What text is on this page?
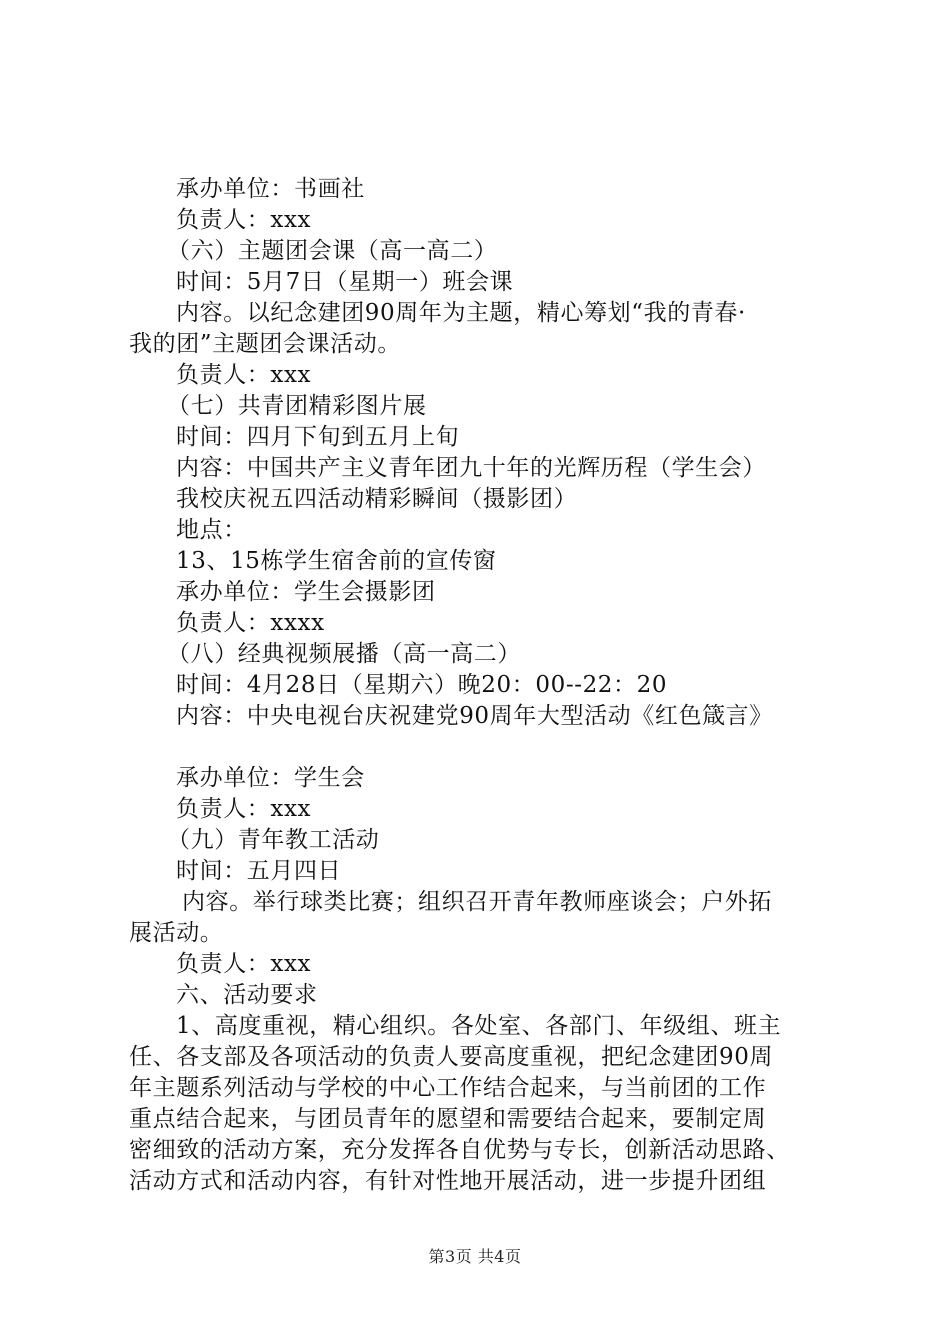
承办单位：书画社
负责人：xxx
（六）主题团会课（高一高二）
时间：5月7日（星期一）班会课
内容。以纪念建团90周年为主题，精心筹划“我的青春·
我的团”主题团会课活动。
负责人：xxx
（七）共青团精彩图片展
时间：四月下旬到五月上旬
内容：中国共产主义青年团九十年的光辉历程（学生会）
我校庆祝五四活动精彩瞬间（摄影团）
地点：
13、15栋学生宿舍前的宣传窗
承办单位：学生会摄影团
负责人：xxxx
（八）经典视频展播（高一高二）
时间：4月28日（星期六）晚20：00--22：20
内容：中央电视台庆祝建党90周年大型活动《红色箴言》
承办单位：学生会
负责人：xxx
（九）青年教工活动
时间：五月四日
内容。举行球类比赛；组织召开青年教师座谈会；户外拓
展活动。
负责人：xxx
六、活动要求
1、高度重视，精心组织。各处室、各部门、年级组、班主
任、各支部及各项活动的负责人要高度重视，把纪念建团90周
年主题系列活动与学校的中心工作结合起来，与当前团的工作
重点结合起来，与团员青年的愿望和需要结合起来，要制定周
密细致的活动方案，充分发挥各自优势与专长，创新活动思路、
活动方式和活动内容，有针对性地开展活动，进一步提升团组
第3页 共4页
